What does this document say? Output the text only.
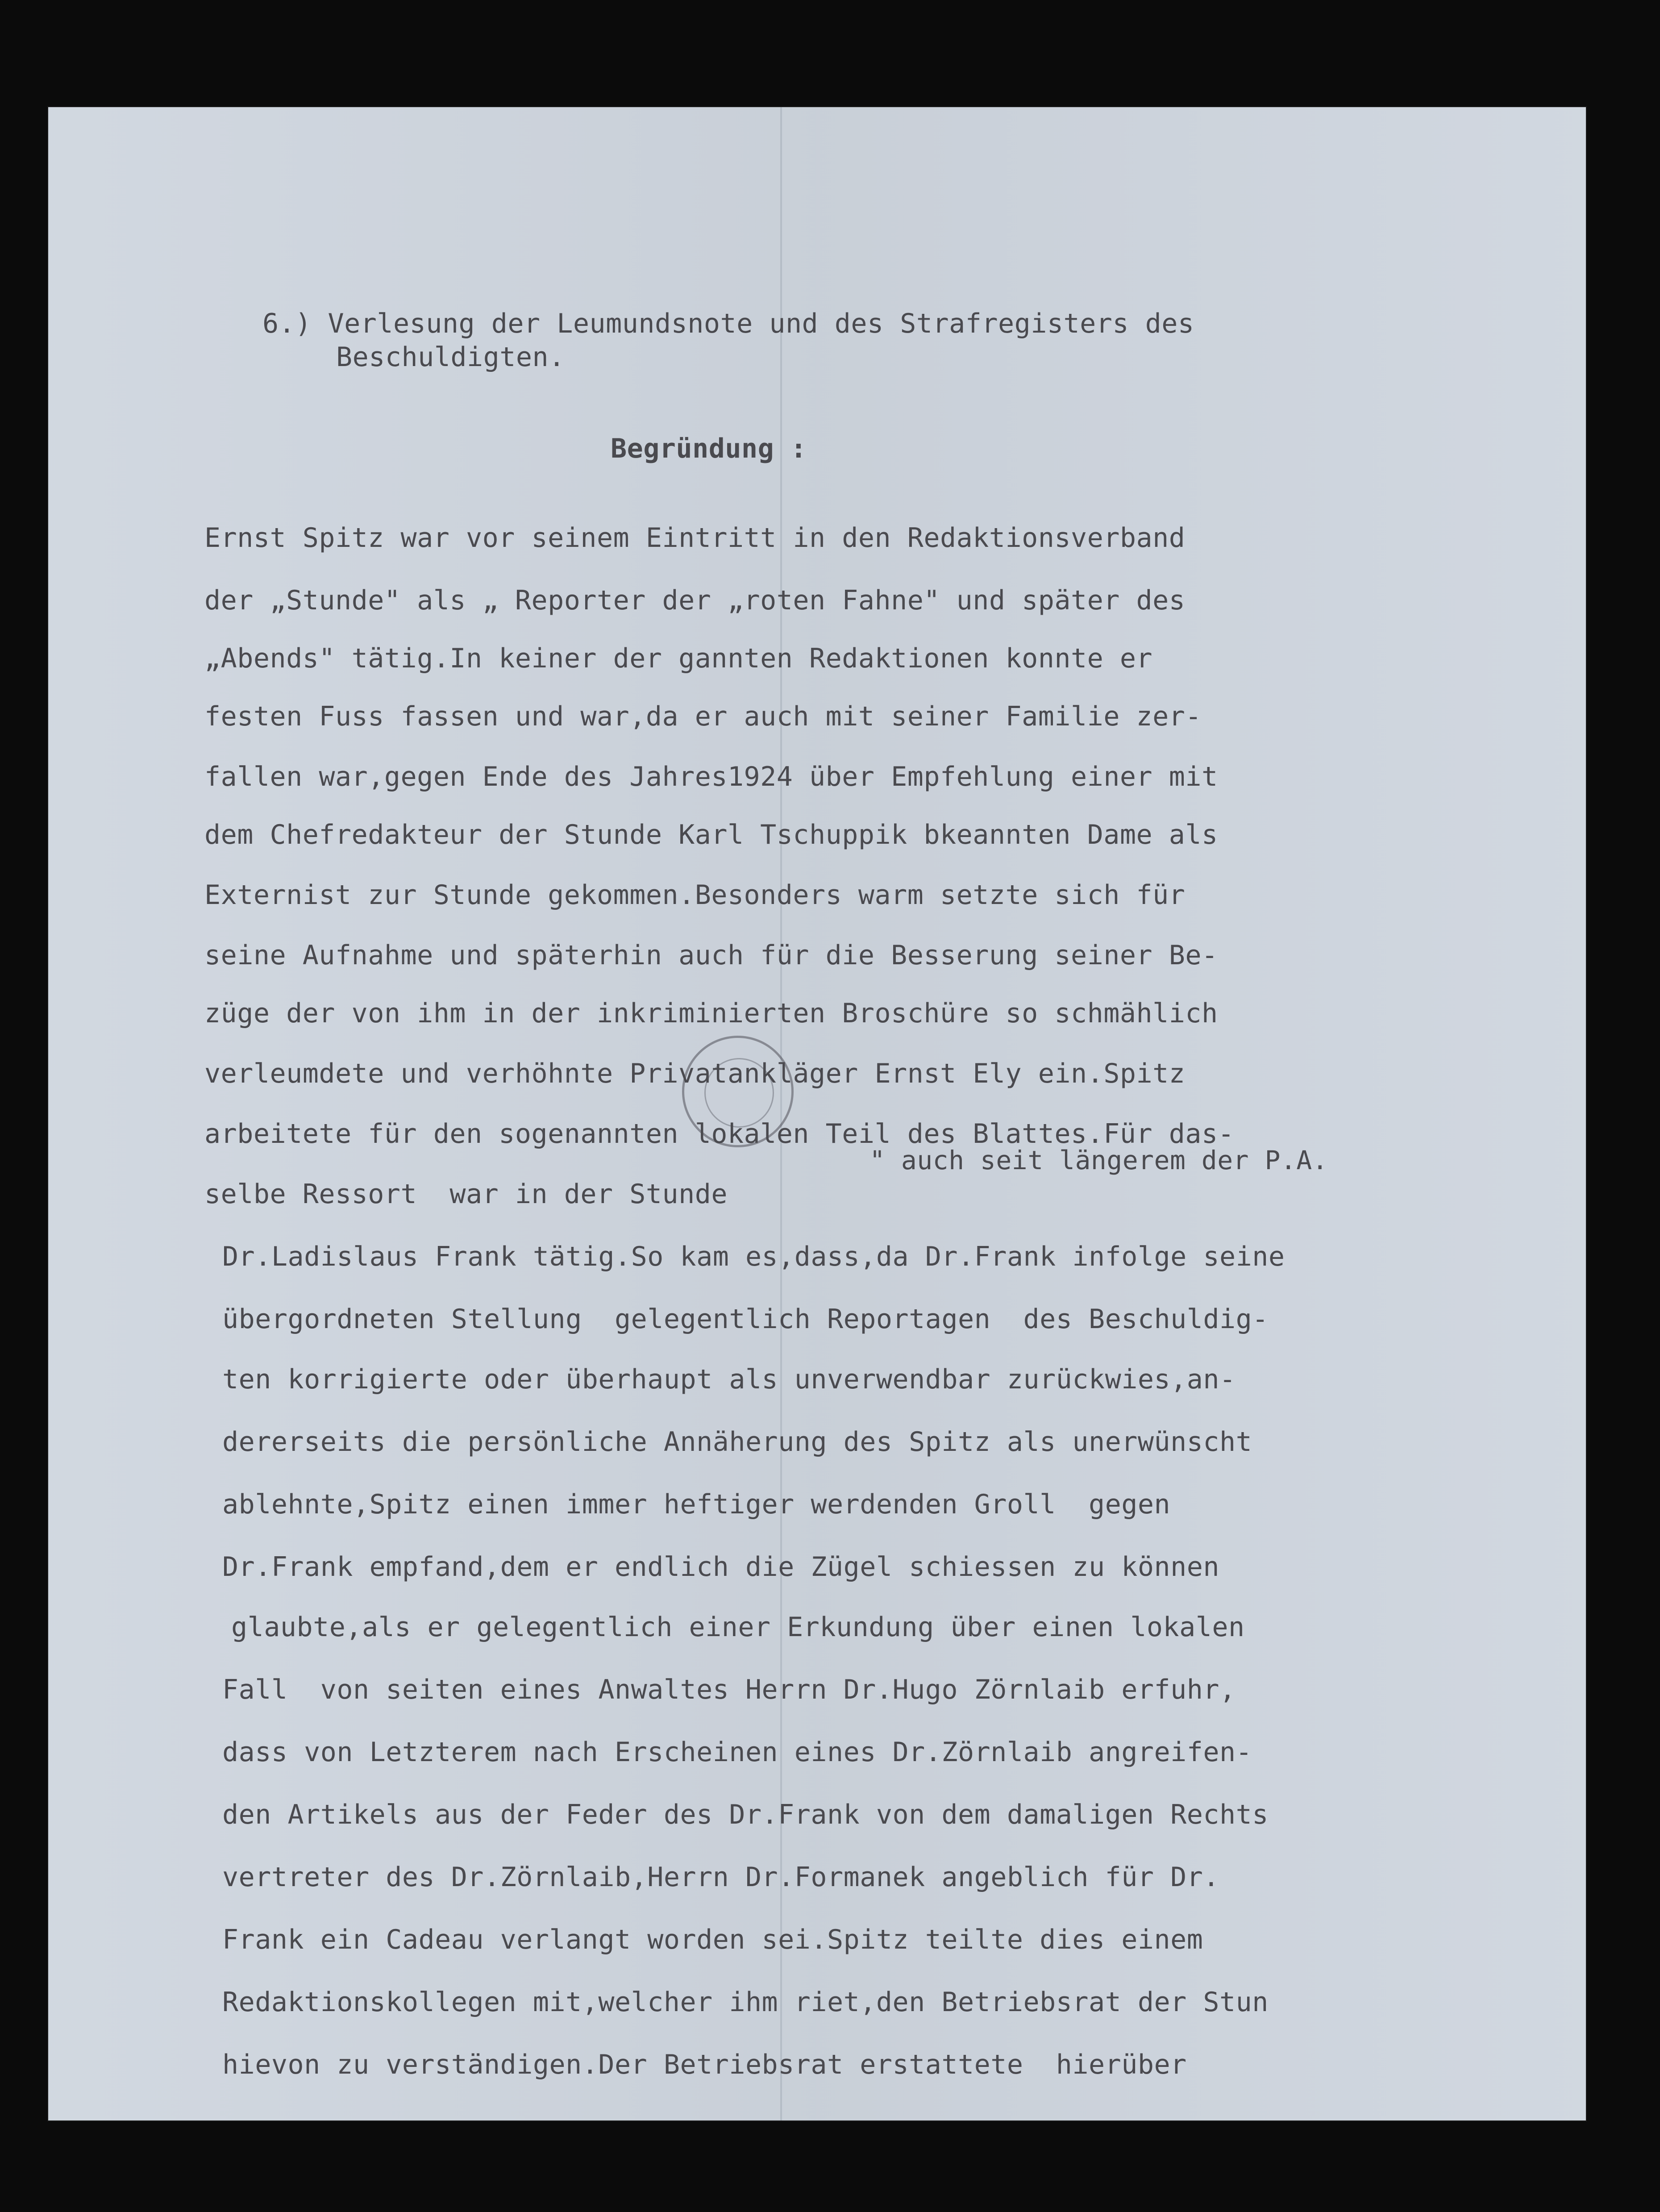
6.) Verlesung der Leumundsnote und des Strafregisters des
Beschuldigten.
Begründung :
Ernst Spitz war vor seinem Eintritt in den Redaktionsverband
der „Stunde" als „ Reporter der „roten Fahne" und später des
„Abends" tätig.In keiner der gannten Redaktionen konnte er
festen Fuss fassen und war,da er auch mit seiner Familie zer-
fallen war,gegen Ende des Jahres1924 über Empfehlung einer mit
dem Chefredakteur der Stunde Karl Tschuppik bkeannten Dame als
Externist zur Stunde gekommen.Besonders warm setzte sich für
seine Aufnahme und späterhin auch für die Besserung seiner Be-
züge der von ihm in der inkriminierten Broschüre so schmählich
verleumdete und verhöhnte Privatankläger Ernst Ely ein.Spitz
arbeitete für den sogenannten lokalen Teil des Blattes.Für das-
selbe Ressort  war in der Stunde
" auch seit längerem der P.A.
Dr.Ladislaus Frank tätig.So kam es,dass,da Dr.Frank infolge seine
übergordneten Stellung  gelegentlich Reportagen  des Beschuldig-
ten korrigierte oder überhaupt als unverwendbar zurückwies,an-
dererseits die persönliche Annäherung des Spitz als unerwünscht
ablehnte,Spitz einen immer heftiger werdenden Groll  gegen
Dr.Frank empfand,dem er endlich die Zügel schiessen zu können
glaubte,als er gelegentlich einer Erkundung über einen lokalen
Fall  von seiten eines Anwaltes Herrn Dr.Hugo Zörnlaib erfuhr,
dass von Letzterem nach Erscheinen eines Dr.Zörnlaib angreifen-
den Artikels aus der Feder des Dr.Frank von dem damaligen Rechts
vertreter des Dr.Zörnlaib,Herrn Dr.Formanek angeblich für Dr.
Frank ein Cadeau verlangt worden sei.Spitz teilte dies einem
Redaktionskollegen mit,welcher ihm riet,den Betriebsrat der Stun
hievon zu verständigen.Der Betriebsrat erstattete  hierüber
